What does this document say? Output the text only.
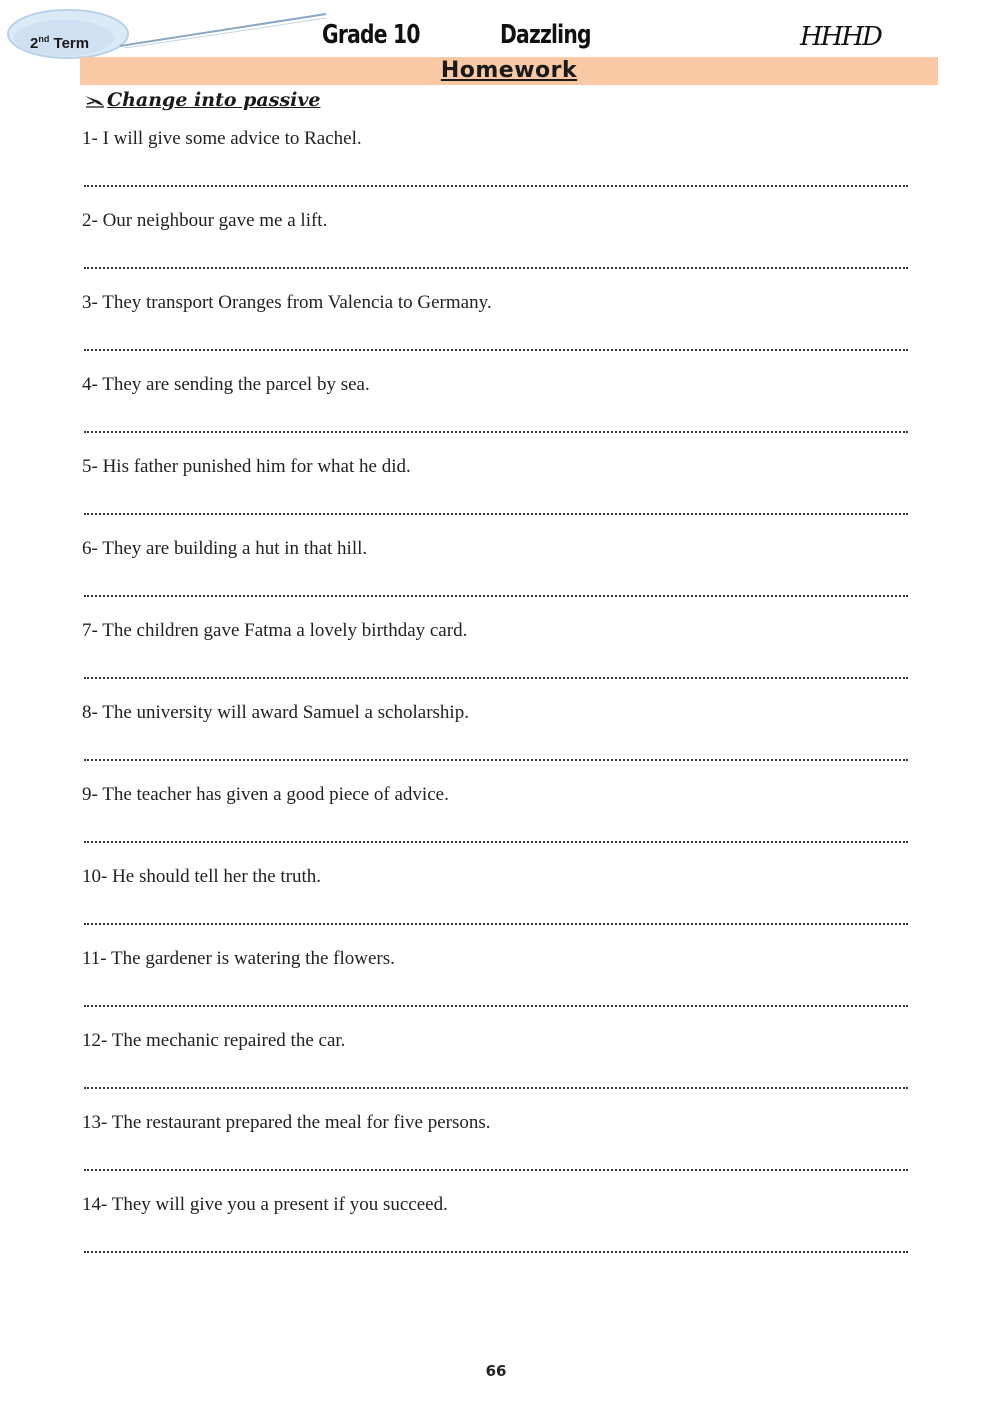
2nd Term	Grade 10	Dazzling	HHHD
Homework
Change into passive
1- I will give some advice to Rachel.
2- Our neighbour gave me a lift.
3- They transport Oranges from Valencia to Germany.
4- They are sending the parcel by sea.
5- His father punished him for what he did.
6- They are building a hut in that hill.
7- The children gave Fatma a lovely birthday card.
8- The university will award Samuel a scholarship.
9- The teacher has given a good piece of advice.
10- He should tell her the truth.
11- The gardener is watering the flowers.
12- The mechanic repaired the car.
13- The restaurant prepared the meal for five persons.
14- They will give you a present if you succeed.
66
